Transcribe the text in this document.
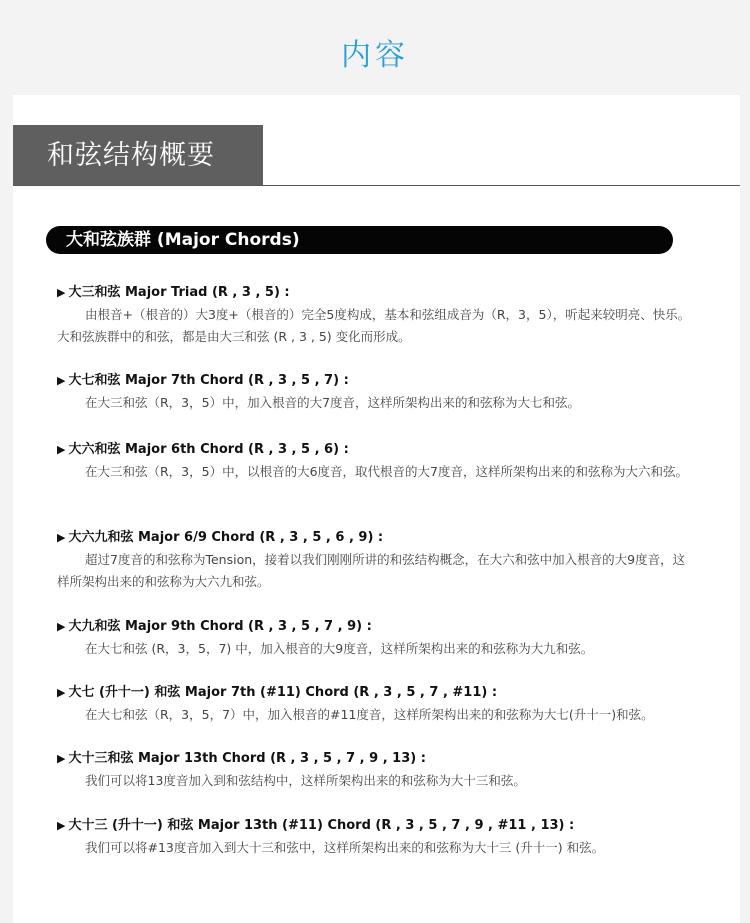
内容
和弦结构概要
大和弦族群 (Major Chords)
▶ 大三和弦 Major Triad (R , 3 , 5) :
由根音+（根音的）大3度+（根音的）完全5度构成，基本和弦组成音为（R，3，5），听起来较明亮、快乐。大和弦族群中的和弦，都是由大三和弦 (R , 3 , 5) 变化而形成。
▶ 大七和弦 Major 7th Chord (R , 3 , 5 , 7) :
在大三和弦（R，3，5）中，加入根音的大7度音，这样所架构出来的和弦称为大七和弦。
▶ 大六和弦 Major 6th Chord (R , 3 , 5 , 6) :
在大三和弦（R，3，5）中，以根音的大6度音，取代根音的大7度音，这样所架构出来的和弦称为大六和弦。
▶ 大六九和弦 Major 6/9 Chord (R , 3 , 5 , 6 , 9) :
超过7度音的和弦称为Tension，接着以我们刚刚所讲的和弦结构概念，在大六和弦中加入根音的大9度音，这样所架构出来的和弦称为大六九和弦。
▶ 大九和弦 Major 9th Chord (R , 3 , 5 , 7 , 9) :
在大七和弦 (R，3，5，7) 中，加入根音的大9度音，这样所架构出来的和弦称为大九和弦。
▶ 大七 (升十一) 和弦 Major 7th (#11) Chord (R , 3 , 5 , 7 , #11) :
在大七和弦（R，3，5，7）中，加入根音的#11度音，这样所架构出来的和弦称为大七(升十一)和弦。
▶ 大十三和弦 Major 13th Chord (R , 3 , 5 , 7 , 9 , 13) :
我们可以将13度音加入到和弦结构中，这样所架构出来的和弦称为大十三和弦。
▶ 大十三 (升十一) 和弦 Major 13th (#11) Chord (R , 3 , 5 , 7 , 9 , #11 , 13) :
我们可以将#13度音加入到大十三和弦中，这样所架构出来的和弦称为大十三 (升十一) 和弦。
